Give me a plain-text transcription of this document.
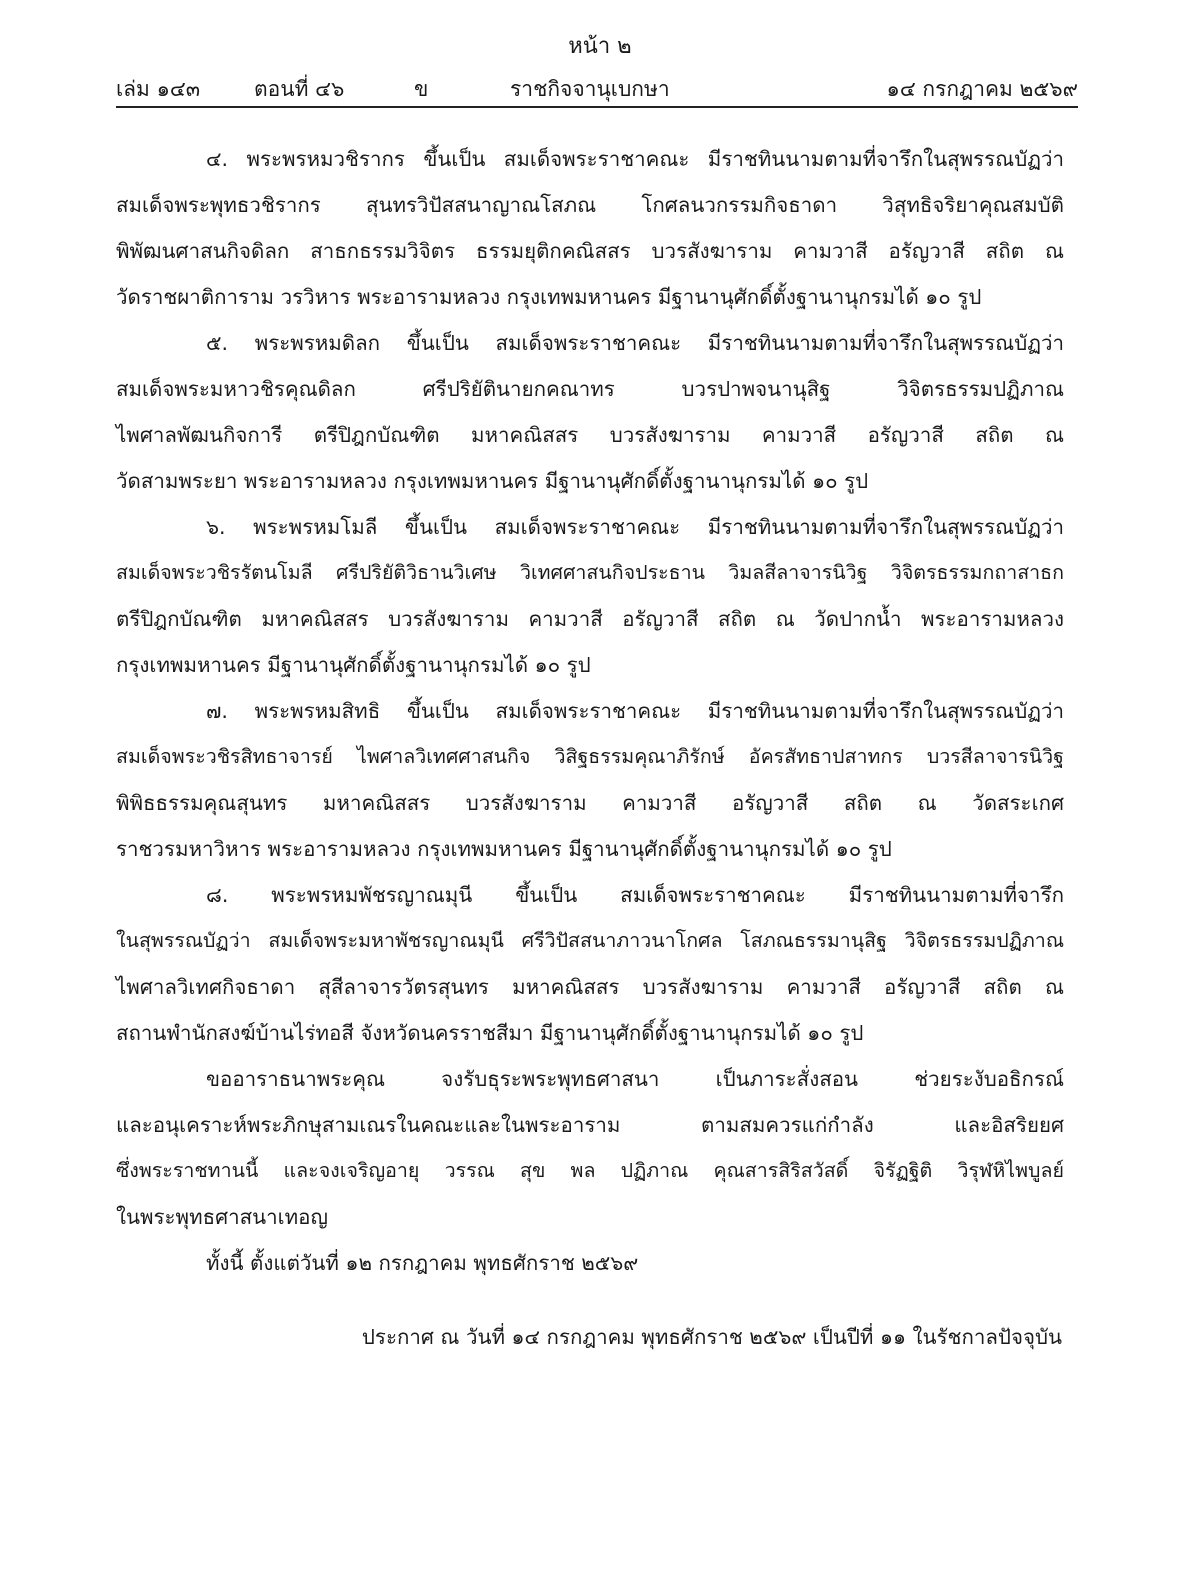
หน้า ๒
เล่ม ๑๔๓	ตอนที่ ๔๖	ข	ราชกิจจานุเบกษา	๑๔ กรกฎาคม ๒๕๖๙

๔. พระพรหมวชิรากร ขึ้นเป็น สมเด็จพระราชาคณะ มีราชทินนามตามที่จารึกในสุพรรณบัฏว่า

สมเด็จพระพุทธวชิรากร สุนทรวิปัสสนาญาณโสภณ โกศลนวกรรมกิจธาดา วิสุทธิจริยาคุณสมบัติ

พิพัฒนศาสนกิจดิลก สาธกธรรมวิจิตร ธรรมยุติกคณิสสร บวรสังฆาราม คามวาสี อรัญวาสี สถิต ณ

วัดราชผาติการาม วรวิหาร พระอารามหลวง กรุงเทพมหานคร มีฐานานุศักดิ์ตั้งฐานานุกรมได้ ๑๐ รูป

๕. พระพรหมดิลก ขึ้นเป็น สมเด็จพระราชาคณะ มีราชทินนามตามที่จารึกในสุพรรณบัฏว่า

สมเด็จพระมหาวชิรคุณดิลก ศรีปริยัตินายกคณาทร บวรปาพจนานุสิฐ วิจิตรธรรมปฏิภาณ

ไพศาลพัฒนกิจการี ตรีปิฎกบัณฑิต มหาคณิสสร บวรสังฆาราม คามวาสี อรัญวาสี สถิต ณ

วัดสามพระยา พระอารามหลวง กรุงเทพมหานคร มีฐานานุศักดิ์ตั้งฐานานุกรมได้ ๑๐ รูป

๖. พระพรหมโมลี ขึ้นเป็น สมเด็จพระราชาคณะ มีราชทินนามตามที่จารึกในสุพรรณบัฏว่า

สมเด็จพระวชิรรัตนโมลี ศรีปริยัติวิธานวิเศษ วิเทศศาสนกิจประธาน วิมลสีลาจารนิวิฐ วิจิตรธรรมกถาสาธก

ตรีปิฎกบัณฑิต มหาคณิสสร บวรสังฆาราม คามวาสี อรัญวาสี สถิต ณ วัดปากน้ำ พระอารามหลวง

กรุงเทพมหานคร มีฐานานุศักดิ์ตั้งฐานานุกรมได้ ๑๐ รูป

๗. พระพรหมสิทธิ ขึ้นเป็น สมเด็จพระราชาคณะ มีราชทินนามตามที่จารึกในสุพรรณบัฏว่า

สมเด็จพระวชิรสิทธาจารย์ ไพศาลวิเทศศาสนกิจ วิสิฐธรรมคุณาภิรักษ์ อัครสัทธาปสาทกร บวรสีลาจารนิวิฐ

พิพิธธรรมคุณสุนทร มหาคณิสสร บวรสังฆาราม คามวาสี อรัญวาสี สถิต ณ วัดสระเกศ

ราชวรมหาวิหาร พระอารามหลวง กรุงเทพมหานคร มีฐานานุศักดิ์ตั้งฐานานุกรมได้ ๑๐ รูป

๘. พระพรหมพัชรญาณมุนี ขึ้นเป็น สมเด็จพระราชาคณะ มีราชทินนามตามที่จารึก

ในสุพรรณบัฏว่า สมเด็จพระมหาพัชรญาณมุนี ศรีวิปัสสนาภาวนาโกศล โสภณธรรมานุสิฐ วิจิตรธรรมปฏิภาณ

ไพศาลวิเทศกิจธาดา สุสีลาจารวัตรสุนทร มหาคณิสสร บวรสังฆาราม คามวาสี อรัญวาสี สถิต ณ

สถานพำนักสงฆ์บ้านไร่ทอสี จังหวัดนครราชสีมา มีฐานานุศักดิ์ตั้งฐานานุกรมได้ ๑๐ รูป

ขออาราธนาพระคุณ จงรับธุระพระพุทธศาสนา เป็นภาระสั่งสอน ช่วยระงับอธิกรณ์

และอนุเคราะห์พระภิกษุสามเณรในคณะและในพระอาราม ตามสมควรแก่กำลัง และอิสริยยศ

ซึ่งพระราชทานนี้ และจงเจริญอายุ วรรณ สุข พล ปฏิภาณ คุณสารสิริสวัสดิ์ จิรัฏฐิติ วิรุฬหิไพบูลย์

ในพระพุทธศาสนาเทอญ

ทั้งนี้ ตั้งแต่วันที่ ๑๒ กรกฎาคม พุทธศักราช ๒๕๖๙

ประกาศ ณ วันที่ ๑๔ กรกฎาคม พุทธศักราช ๒๕๖๙ เป็นปีที่ ๑๑ ในรัชกาลปัจจุบัน
